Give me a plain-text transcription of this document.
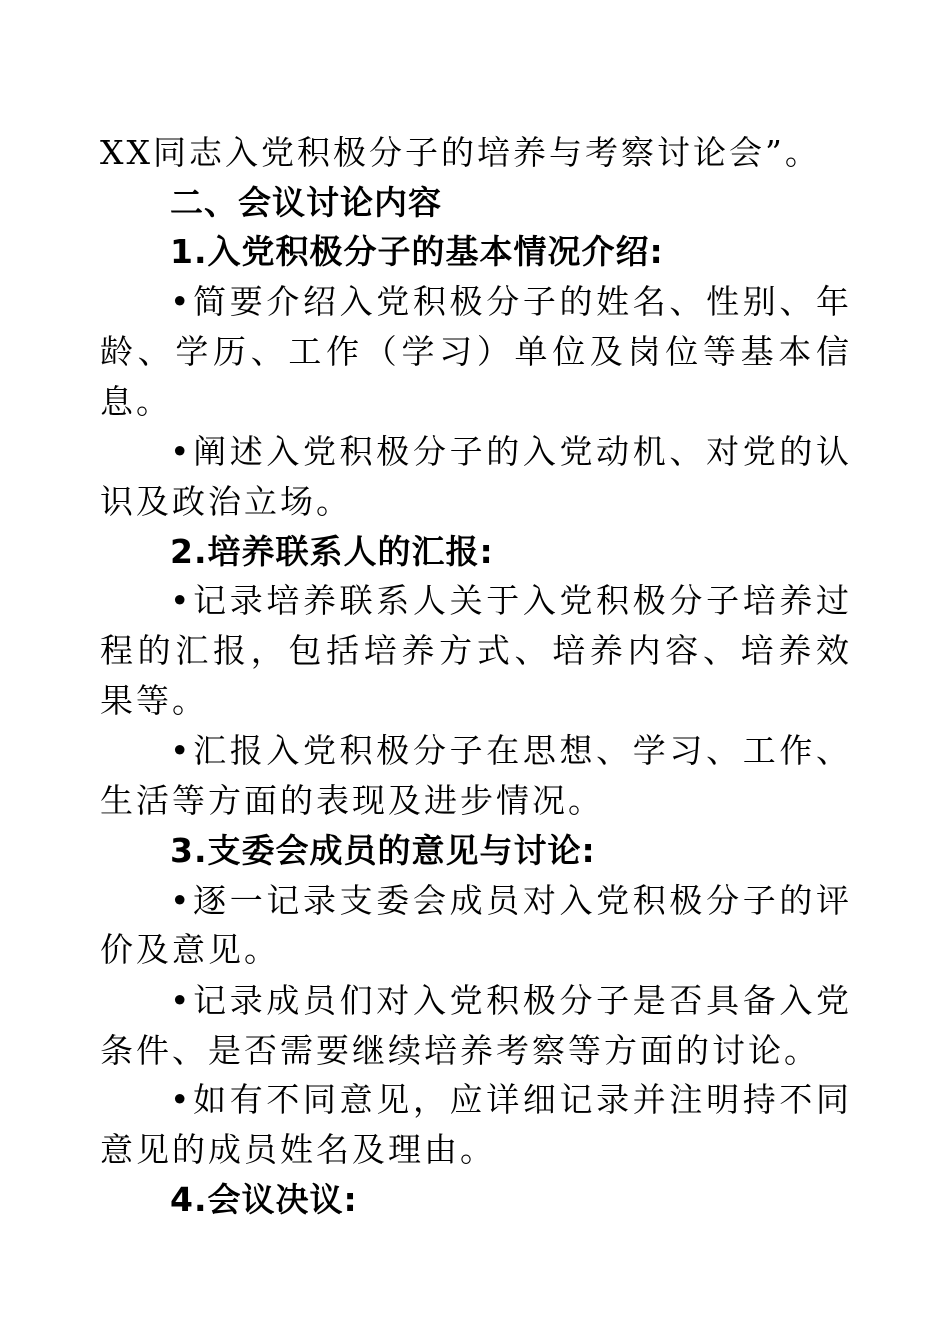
XX同志入党积极分子的培养与考察讨论会”。

二、会议讨论内容

1.入党积极分子的基本情况介绍:

•简要介绍入党积极分子的姓名、性别、年龄、学历、工作（学习）单位及岗位等基本信息。

•阐述入党积极分子的入党动机、对党的认识及政治立场。

2.培养联系人的汇报:

•记录培养联系人关于入党积极分子培养过程的汇报，包括培养方式、培养内容、培养效果等。

•汇报入党积极分子在思想、学习、工作、生活等方面的表现及进步情况。

3.支委会成员的意见与讨论:

•逐一记录支委会成员对入党积极分子的评价及意见。

•记录成员们对入党积极分子是否具备入党条件、是否需要继续培养考察等方面的讨论。

•如有不同意见，应详细记录并注明持不同意见的成员姓名及理由。

4.会议决议:
